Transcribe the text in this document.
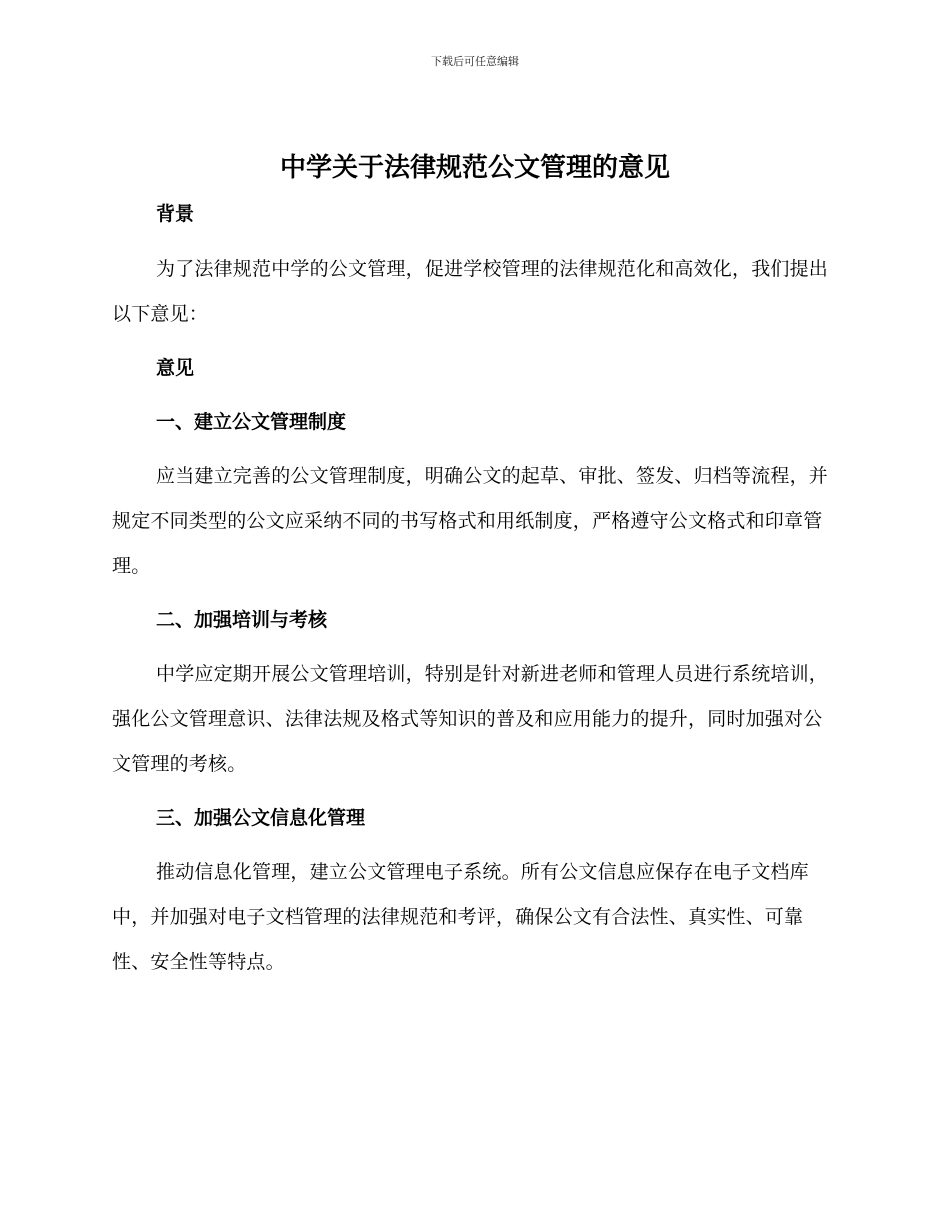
下载后可任意编辑
中学关于法律规范公文管理的意见

背景

为了法律规范中学的公文管理，促进学校管理的法律规范化和高效化，我们提出以下意见：

意见

一、建立公文管理制度

应当建立完善的公文管理制度，明确公文的起草、审批、签发、归档等流程，并规定不同类型的公文应采纳不同的书写格式和用纸制度，严格遵守公文格式和印章管理。

二、加强培训与考核

中学应定期开展公文管理培训，特别是针对新进老师和管理人员进行系统培训，强化公文管理意识、法律法规及格式等知识的普及和应用能力的提升，同时加强对公文管理的考核。

三、加强公文信息化管理

推动信息化管理，建立公文管理电子系统。所有公文信息应保存在电子文档库中，并加强对电子文档管理的法律规范和考评，确保公文有合法性、真实性、可靠性、安全性等特点。
